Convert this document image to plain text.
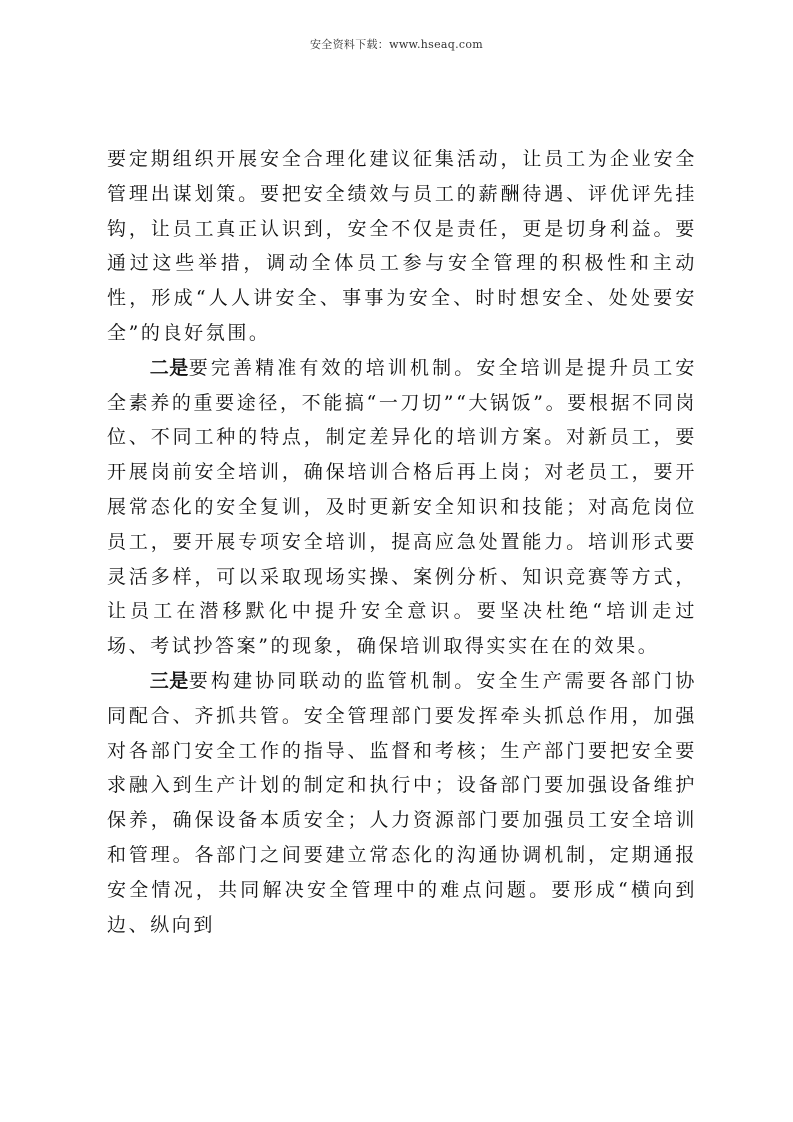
安全资料下载：www.hseaq.com

要定期组织开展安全合理化建议征集活动，让员工为企业安全管理出谋划策。要把安全绩效与员工的薪酬待遇、评优评先挂钩，让员工真正认识到，安全不仅是责任，更是切身利益。要通过这些举措，调动全体员工参与安全管理的积极性和主动性，形成“人人讲安全、事事为安全、时时想安全、处处要安全”的良好氛围。

二是要完善精准有效的培训机制。安全培训是提升员工安全素养的重要途径，不能搞“一刀切”“大锅饭”。要根据不同岗位、不同工种的特点，制定差异化的培训方案。对新员工，要开展岗前安全培训，确保培训合格后再上岗；对老员工，要开展常态化的安全复训，及时更新安全知识和技能；对高危岗位员工，要开展专项安全培训，提高应急处置能力。培训形式要灵活多样，可以采取现场实操、案例分析、知识竞赛等方式，让员工在潜移默化中提升安全意识。要坚决杜绝“培训走过场、考试抄答案”的现象，确保培训取得实实在在的效果。

三是要构建协同联动的监管机制。安全生产需要各部门协同配合、齐抓共管。安全管理部门要发挥牵头抓总作用，加强对各部门安全工作的指导、监督和考核；生产部门要把安全要求融入到生产计划的制定和执行中；设备部门要加强设备维护保养，确保设备本质安全；人力资源部门要加强员工安全培训和管理。各部门之间要建立常态化的沟通协调机制，定期通报安全情况，共同解决安全管理中的难点问题。要形成“横向到边、纵向到
